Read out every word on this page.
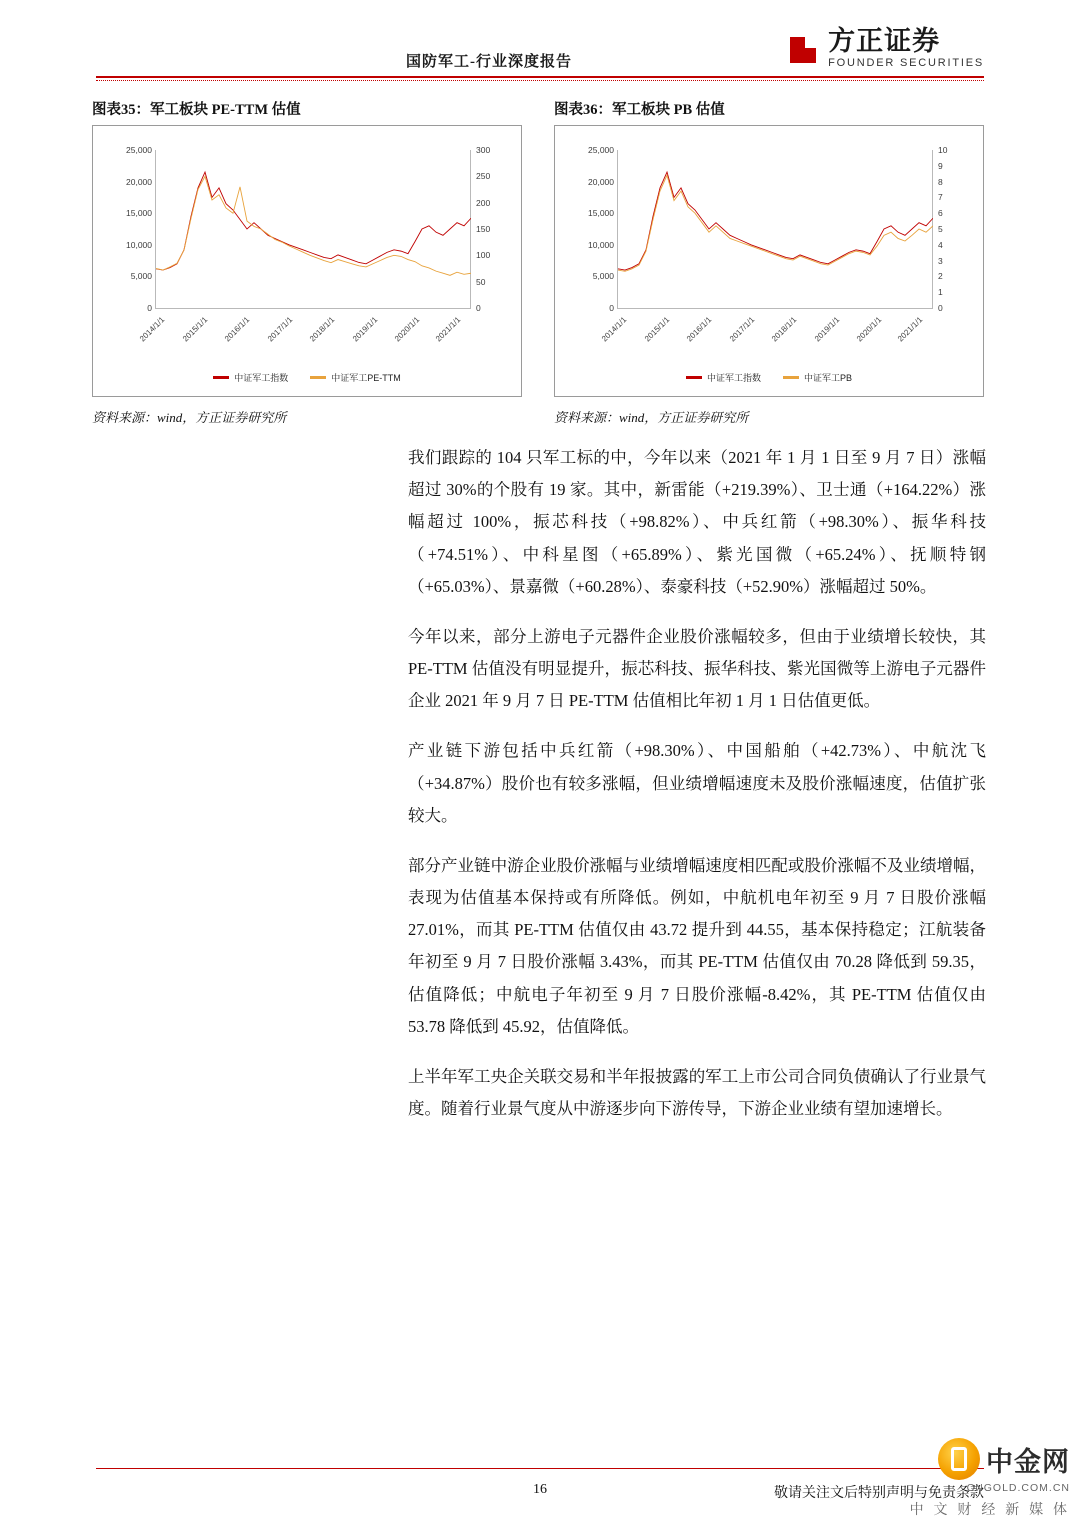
国防军工-行业深度报告
方正证券
FOUNDER SECURITIES
图表35：军工板块 PE-TTM 估值
0
5,000
10,000
15,000
20,000
25,000
0
50
100
150
200
250
300
2014/1/1 2015/1/1 2016/1/1 2017/1/1 2018/1/1 2019/1/1 2020/1/1 2021/1/1
中证军工指数	中证军工PE-TTM
资料来源：wind，方正证券研究所
图表36：军工板块 PB 估值
0
5,000
10,000
15,000
20,000
25,000
0
1
2
3
4
5
6
7
8
9
10
2014/1/1 2015/1/1 2016/1/1 2017/1/1 2018/1/1 2019/1/1 2020/1/1 2021/1/1
中证军工指数	中证军工PB
资料来源：wind，方正证券研究所

我们跟踪的 104 只军工标的中，今年以来（2021 年 1 月 1 日至 9 月 7 日）涨幅超过 30%的个股有 19 家。其中，新雷能（+219.39%）、卫士通（+164.22%）涨幅超过 100%，振芯科技（+98.82%）、中兵红箭（+98.30%）、振华科技（+74.51%）、中科星图（+65.89%）、紫光国微（+65.24%）、抚顺特钢（+65.03%）、景嘉微（+60.28%）、泰豪科技（+52.90%）涨幅超过 50%。

今年以来，部分上游电子元器件企业股价涨幅较多，但由于业绩增长较快，其 PE-TTM 估值没有明显提升，振芯科技、振华科技、紫光国微等上游电子元器件企业 2021 年 9 月 7 日 PE-TTM 估值相比年初 1 月 1 日估值更低。

产业链下游包括中兵红箭（+98.30%）、中国船舶（+42.73%）、中航沈飞（+34.87%）股价也有较多涨幅，但业绩增幅速度未及股价涨幅速度，估值扩张较大。

部分产业链中游企业股价涨幅与业绩增幅速度相匹配或股价涨幅不及业绩增幅，表现为估值基本保持或有所降低。例如，中航机电年初至 9 月 7 日股价涨幅 27.01%，而其 PE-TTM 估值仅由 43.72 提升到 44.55，基本保持稳定；江航装备年初至 9 月 7 日股价涨幅 3.43%，而其 PE-TTM 估值仅由 70.28 降低到 59.35，估值降低；中航电子年初至 9 月 7 日股价涨幅-8.42%，其 PE-TTM 估值仅由 53.78 降低到 45.92，估值降低。

上半年军工央企关联交易和半年报披露的军工上市公司合同负债确认了行业景气度。随着行业景气度从中游逐步向下游传导，下游企业业绩有望加速增长。

16	敬请关注文后特别声明与免责条款
中金网
CNGOLD.COM.CN
中 文 财 经 新 媒 体
